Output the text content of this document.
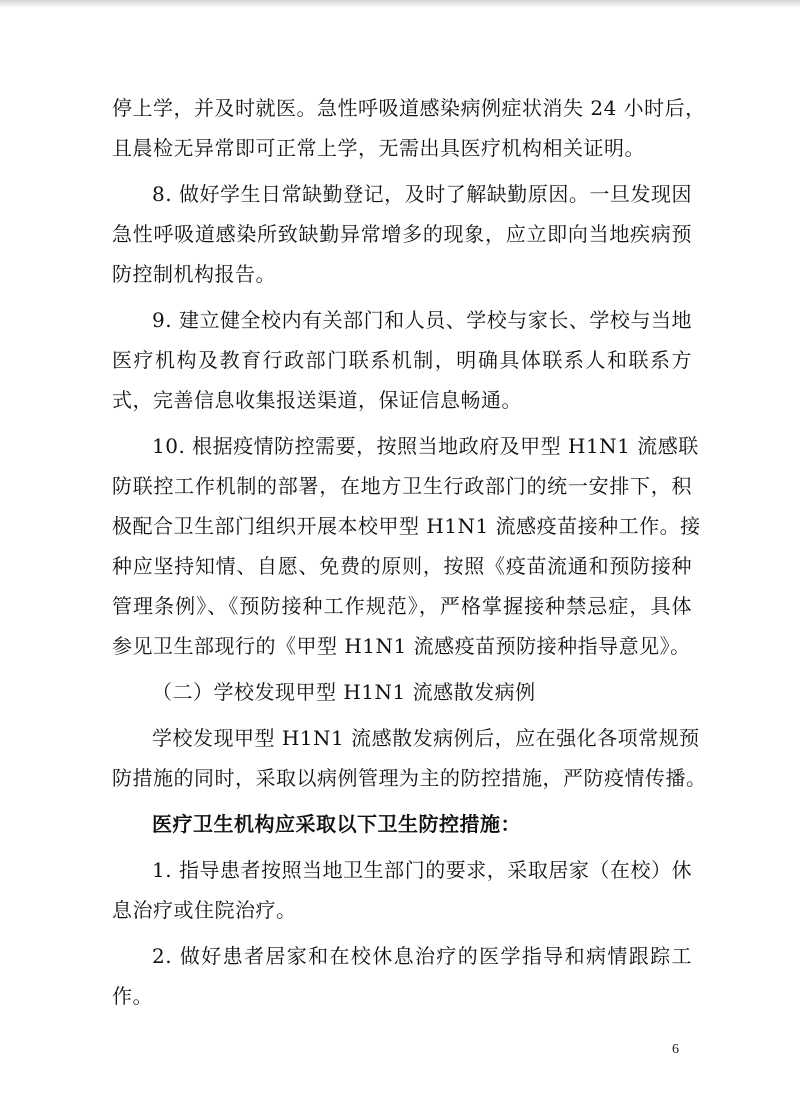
停上学，并及时就医。急性呼吸道感染病例症状消失 24 小时后，
且晨检无异常即可正常上学，无需出具医疗机构相关证明。
8. 做好学生日常缺勤登记，及时了解缺勤原因。一旦发现因
急性呼吸道感染所致缺勤异常增多的现象，应立即向当地疾病预
防控制机构报告。
9. 建立健全校内有关部门和人员、学校与家长、学校与当地
医疗机构及教育行政部门联系机制，明确具体联系人和联系方
式，完善信息收集报送渠道，保证信息畅通。
10. 根据疫情防控需要，按照当地政府及甲型 H1N1 流感联
防联控工作机制的部署，在地方卫生行政部门的统一安排下，积
极配合卫生部门组织开展本校甲型 H1N1 流感疫苗接种工作。接
种应坚持知情、自愿、免费的原则，按照《疫苗流通和预防接种
管理条例》、《预防接种工作规范》，严格掌握接种禁忌症，具体
参见卫生部现行的《甲型 H1N1 流感疫苗预防接种指导意见》。
（二）学校发现甲型 H1N1 流感散发病例
学校发现甲型 H1N1 流感散发病例后，应在强化各项常规预
防措施的同时，采取以病例管理为主的防控措施，严防疫情传播。
医疗卫生机构应采取以下卫生防控措施：
1. 指导患者按照当地卫生部门的要求，采取居家（在校）休
息治疗或住院治疗。
2. 做好患者居家和在校休息治疗的医学指导和病情跟踪工
作。
6
